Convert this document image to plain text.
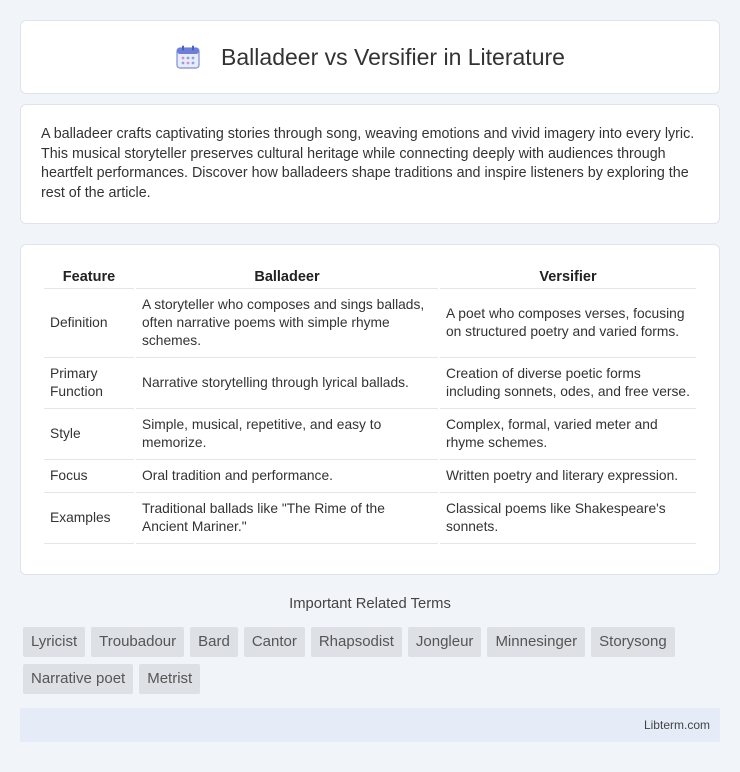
Balladeer vs Versifier in Literature

A balladeer crafts captivating stories through song, weaving emotions and vivid imagery into every lyric. This musical storyteller preserves cultural heritage while connecting deeply with audiences through heartfelt performances. Discover how balladeers shape traditions and inspire listeners by exploring the rest of the article.

Feature	Balladeer	Versifier
Definition	A storyteller who composes and sings ballads, often narrative poems with simple rhyme schemes.	A poet who composes verses, focusing on structured poetry and varied forms.
Primary Function	Narrative storytelling through lyrical ballads.	Creation of diverse poetic forms including sonnets, odes, and free verse.
Style	Simple, musical, repetitive, and easy to memorize.	Complex, formal, varied meter and rhyme schemes.
Focus	Oral tradition and performance.	Written poetry and literary expression.
Examples	Traditional ballads like "The Rime of the Ancient Mariner."	Classical poems like Shakespeare's sonnets.
Important Related Terms
Lyricist	Troubadour	Bard	Cantor	Rhapsodist	Jongleur	Minnesinger	Storysong
Narrative poet	Metrist
Libterm.com
